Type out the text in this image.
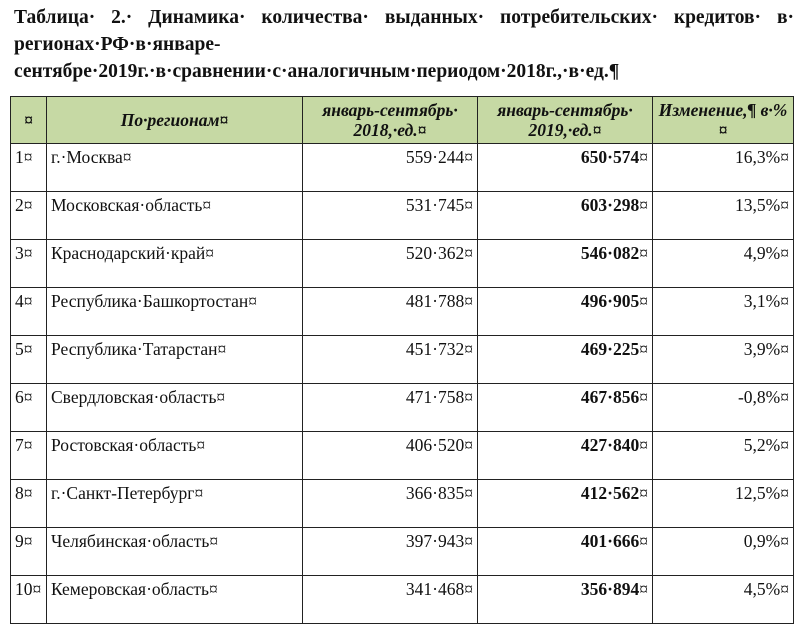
Таблица· 2.· Динамика· количества· выданных· потребительских· кредитов· в· регионах·РФ·в·январе-сентябре·2019г.·в·сравнении·с·аналогичным·периодом·2018г.,·в·ед.¶
¤	По·регионам¤	январь-сентябрь· 2018,·ед.¤	январь-сентябрь· 2019,·ед.¤	Изменение,¶ в·%¤
1¤	г.·Москва¤	559·244¤	650·574¤	16,3%¤
2¤	Московская·область¤	531·745¤	603·298¤	13,5%¤
3¤	Краснодарский·край¤	520·362¤	546·082¤	4,9%¤
4¤	Республика·Башкортостан¤	481·788¤	496·905¤	3,1%¤
5¤	Республика·Татарстан¤	451·732¤	469·225¤	3,9%¤
6¤	Свердловская·область¤	471·758¤	467·856¤	-0,8%¤
7¤	Ростовская·область¤	406·520¤	427·840¤	5,2%¤
8¤	г.·Санкт-Петербург¤	366·835¤	412·562¤	12,5%¤
9¤	Челябинская·область¤	397·943¤	401·666¤	0,9%¤
10¤	Кемеровская·область¤	341·468¤	356·894¤	4,5%¤
